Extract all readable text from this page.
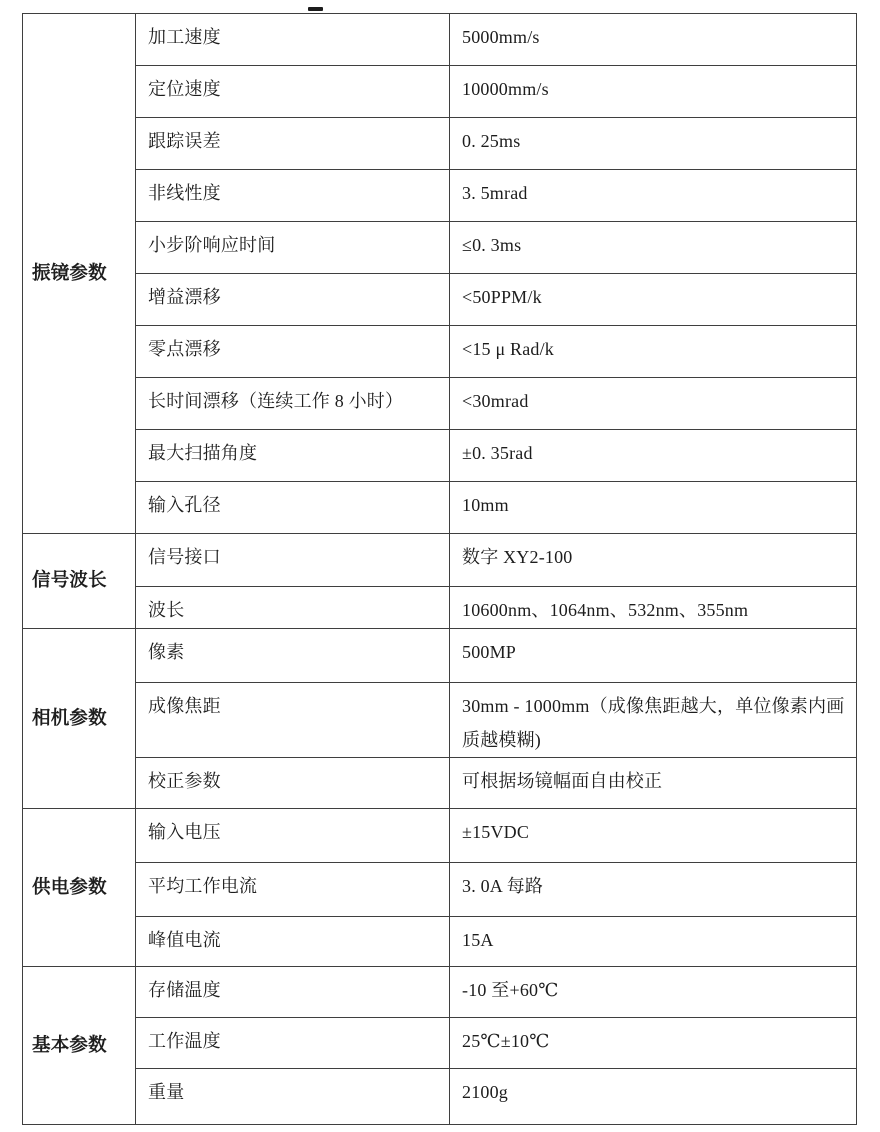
振镜参数	加工速度	5000mm/s
	定位速度	10000mm/s
	跟踪误差	0. 25ms
	非线性度	3. 5mrad
	小步阶响应时间	≤0. 3ms
	增益漂移	<50PPM/k
	零点漂移	<15 μ Rad/k
	长时间漂移（连续工作 8 小时）	<30mrad
	最大扫描角度	±0. 35rad
	输入孔径	10mm
信号波长	信号接口	数字 XY2-100
	波长	10600nm、1064nm、532nm、355nm
相机参数	像素	500MP
	成像焦距	30mm - 1000mm（成像焦距越大，单位像素内画质越模糊)
	校正参数	可根据场镜幅面自由校正
供电参数	输入电压	±15VDC
	平均工作电流	3. 0A 每路
	峰值电流	15A
基本参数	存储温度	-10 至+60℃
	工作温度	25℃±10℃
	重量	2100g
